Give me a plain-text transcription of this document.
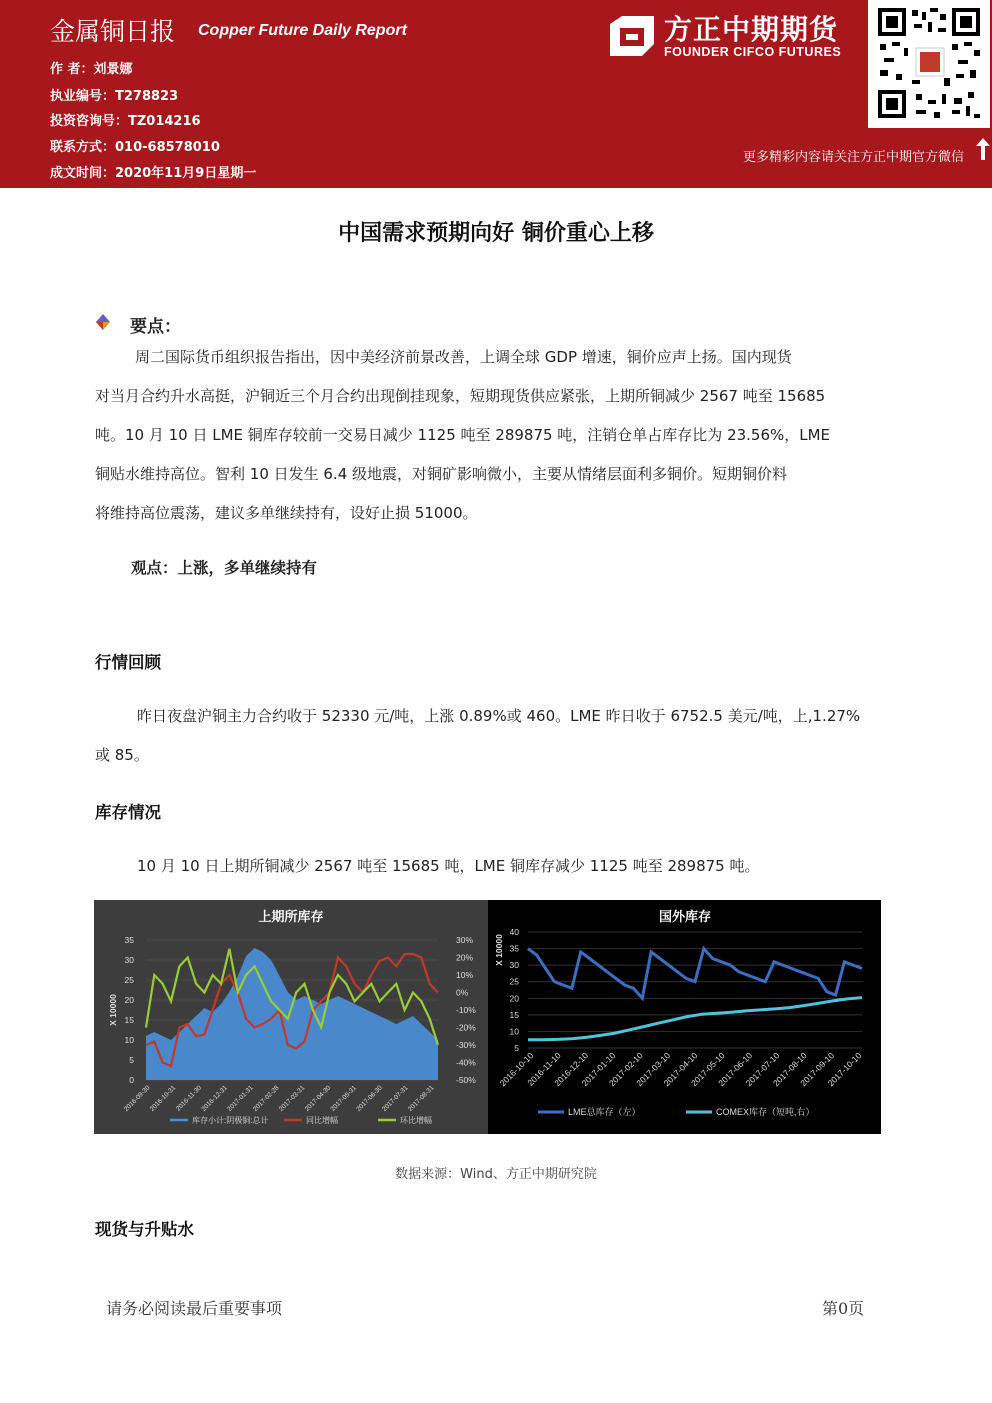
金属铜日报 Copper Future Daily Report
作 者：刘景娜
执业编号：T278823
投资咨询号：TZ014216
联系方式：010-68578010
成文时间：2020年11月9日星期一
方正中期期货
FOUNDER CIFCO FUTURES
更多精彩内容请关注方正中期官方微信
中国需求预期向好 铜价重心上移
要点：
周二国际货币组织报告指出，因中美经济前景改善，上调全球 GDP 增速，铜价应声上扬。国内现货
对当月合约升水高挺，沪铜近三个月合约出现倒挂现象，短期现货供应紧张，上期所铜减少 2567 吨至 15685
吨。10 月 10 日 LME 铜库存较前一交易日减少 1125 吨至 289875 吨，注销仓单占库存比为 23.56%，LME
铜贴水维持高位。智利 10 日发生 6.4 级地震，对铜矿影响微小，主要从情绪层面利多铜价。短期铜价料
将维持高位震荡，建议多单继续持有，设好止损 51000。
观点：上涨，多单继续持有
行情回顾
昨日夜盘沪铜主力合约收于 52330 元/吨，上涨 0.89%或 460。LME 昨日收于 6752.5 美元/吨，上,1.27%
或 85。
库存情况
10 月 10 日上期所铜减少 2567 吨至 15685 吨，LME 铜库存减少 1125 吨至 289875 吨。
上期所库存
35
30
25
20
15
10
5
0
30%
20%
10%
0%
-10%
-20%
-30%
-40%
-50%
X 10000
2016-09-30
2016-10-31
2016-11-30
2016-12-31
2017-01-31
2017-02-28
2017-03-31
2017-04-30
2017-05-31
2017-06-30
2017-07-31
2017-08-31
库存小计:阴极铜:总计	同比增幅	环比增幅
国外库存
40
35
30
25
20
15
10
5
X 10000
2016-10-10
2016-11-10
2016-12-10
2017-01-10
2017-02-10
2017-03-10
2017-04-10
2017-05-10
2017-06-10
2017-07-10
2017-08-10
2017-09-10
2017-10-10
LME总库存（左）	COMEX库存（短吨,右）
数据来源：Wind、方正中期研究院
现货与升贴水
请务必阅读最后重要事项	第0页
